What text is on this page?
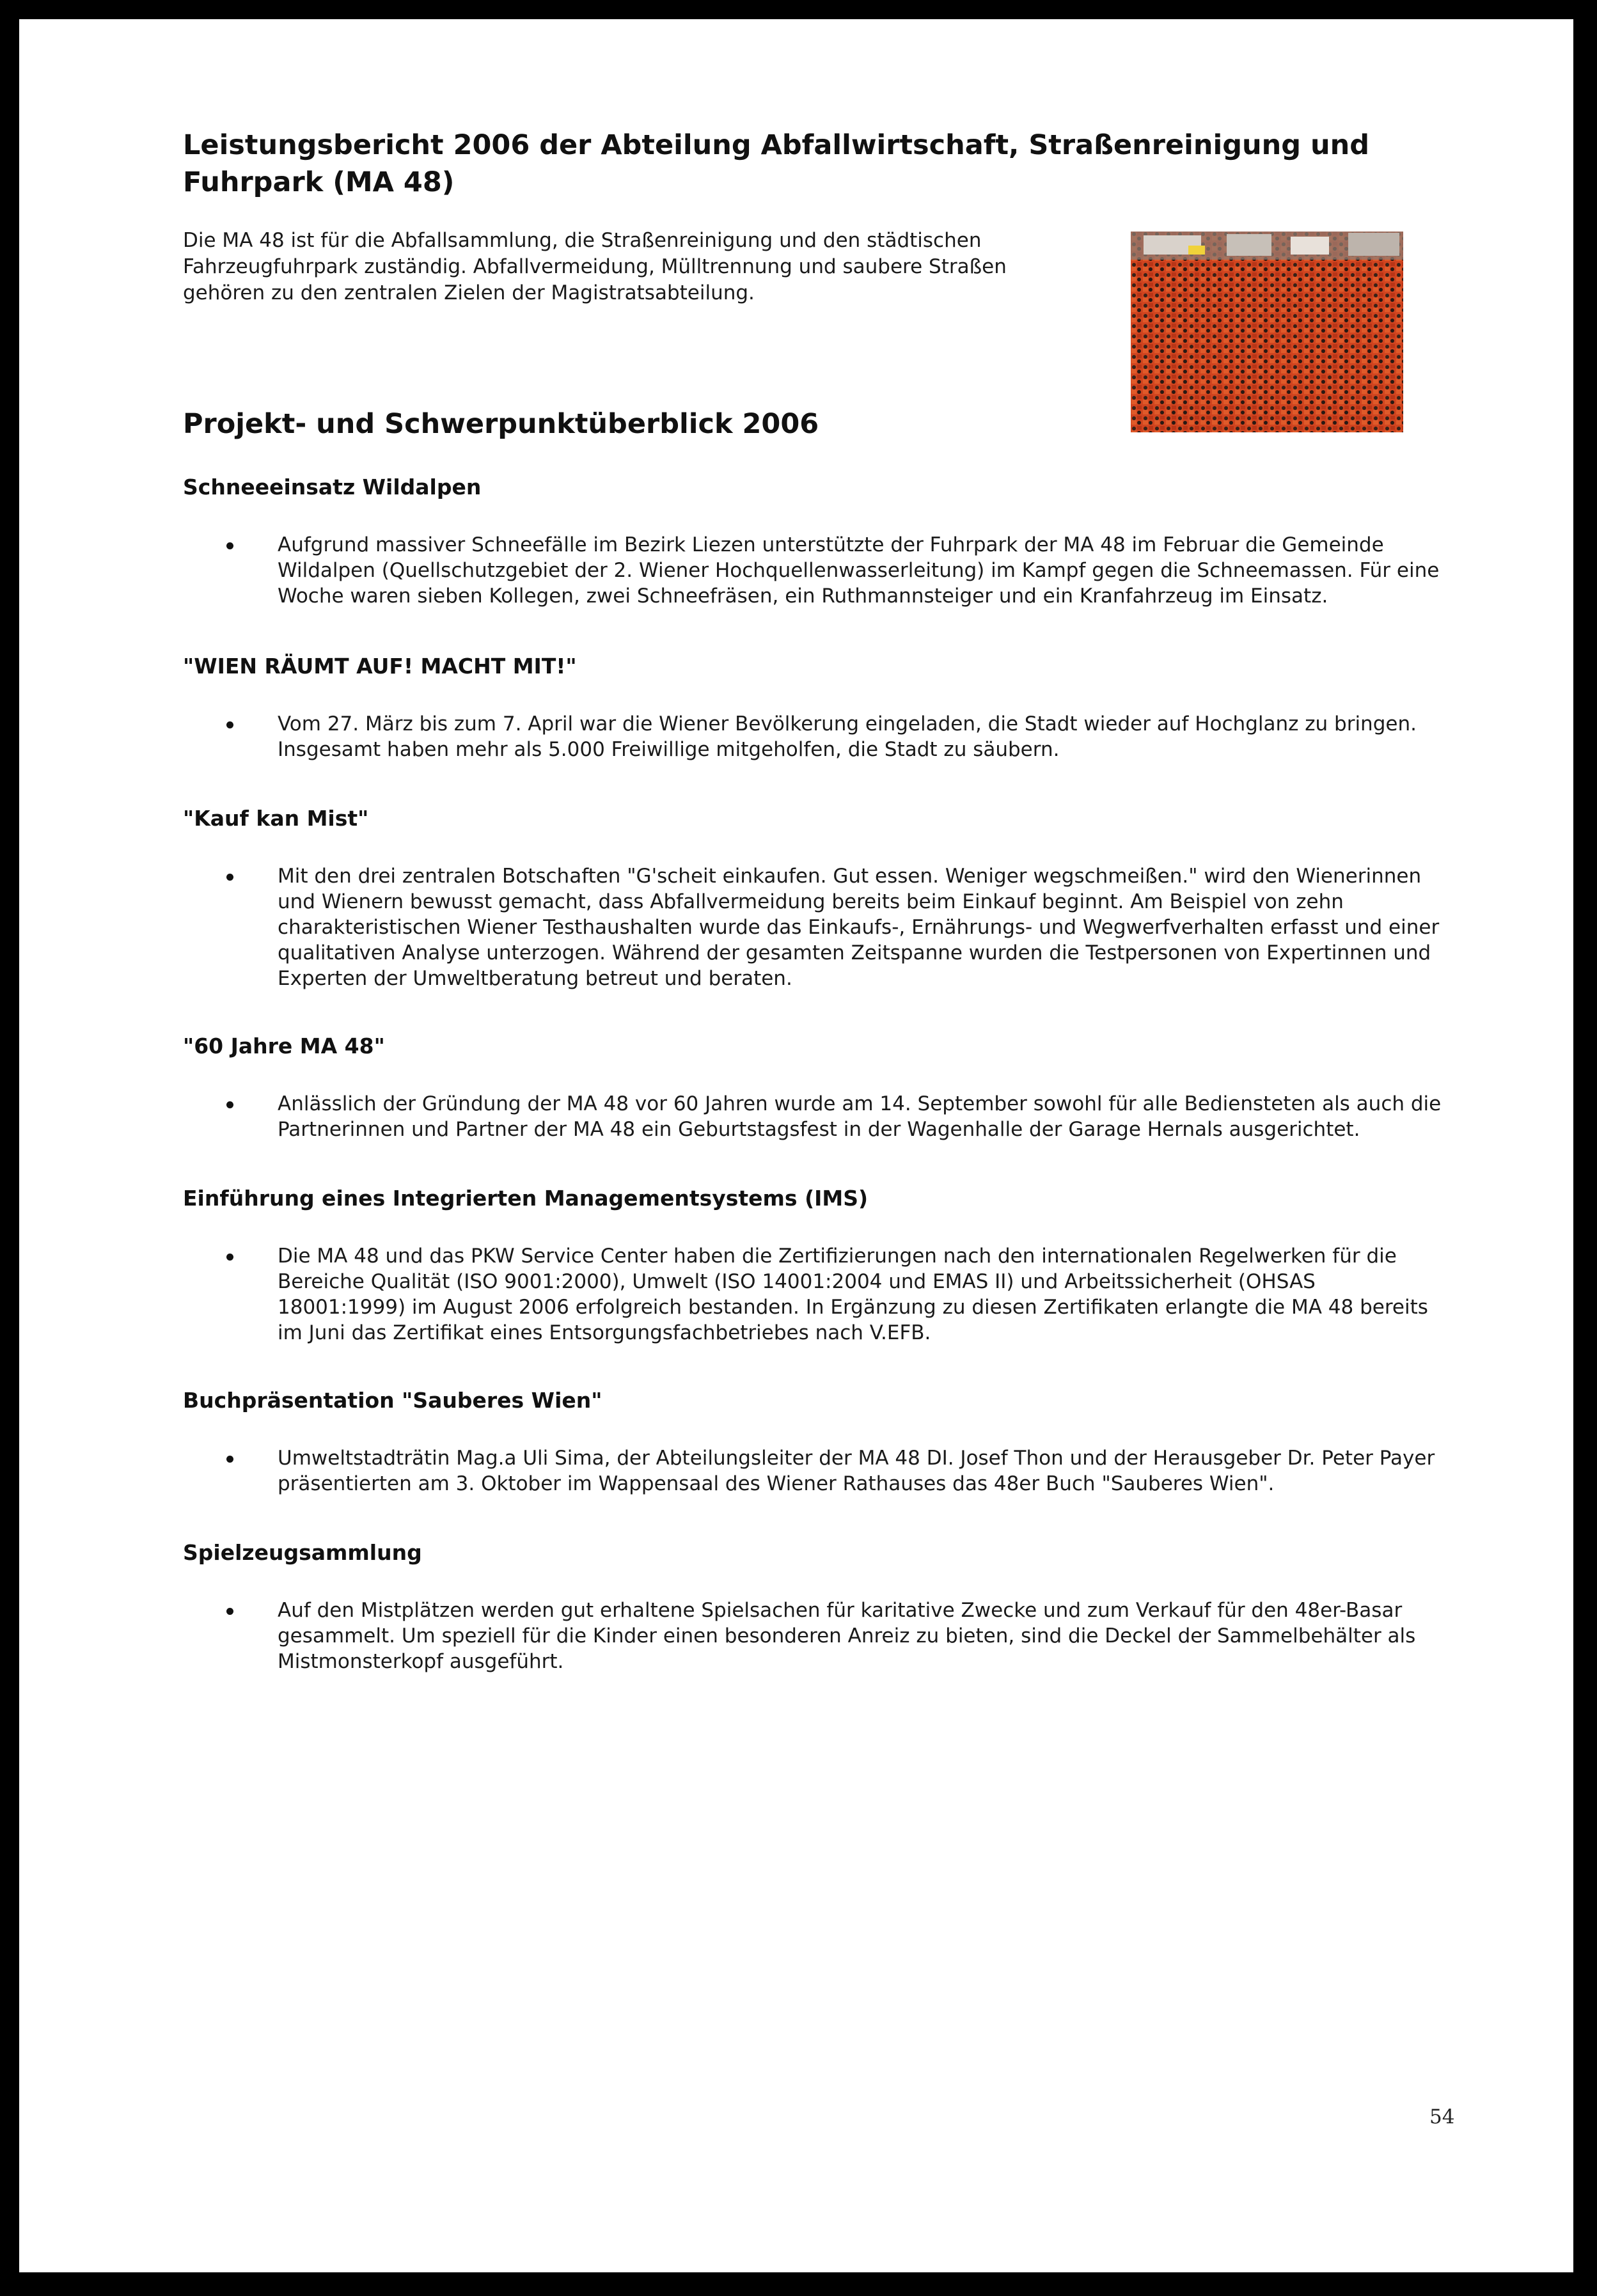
Leistungsbericht 2006 der Abteilung Abfallwirtschaft, Straßenreinigung und Fuhrpark (MA 48)

Die MA 48 ist für die Abfallsammlung, die Straßenreinigung und den städtischen Fahrzeugfuhrpark zuständig. Abfallvermeidung, Mülltrennung und saubere Straßen gehören zu den zentralen Zielen der Magistratsabteilung.

Projekt- und Schwerpunktüberblick 2006
Schneeeinsatz Wildalpen

Aufgrund massiver Schneefälle im Bezirk Liezen unterstützte der Fuhrpark der MA 48 im Februar die Gemeinde Wildalpen (Quellschutzgebiet der 2. Wiener Hochquellenwasserleitung) im Kampf gegen die Schneemassen. Für eine Woche waren sieben Kollegen, zwei Schneefräsen, ein Ruthmannsteiger und ein Kranfahrzeug im Einsatz.

"WIEN RÄUMT AUF! MACHT MIT!"

Vom 27. März bis zum 7. April war die Wiener Bevölkerung eingeladen, die Stadt wieder auf Hochglanz zu bringen. Insgesamt haben mehr als 5.000 Freiwillige mitgeholfen, die Stadt zu säubern.

"Kauf kan Mist"

Mit den drei zentralen Botschaften "G'scheit einkaufen. Gut essen. Weniger wegschmeißen." wird den Wienerinnen und Wienern bewusst gemacht, dass Abfallvermeidung bereits beim Einkauf beginnt. Am Beispiel von zehn charakteristischen Wiener Testhaushalten wurde das Einkaufs-, Ernährungs- und Wegwerfverhalten erfasst und einer qualitativen Analyse unterzogen. Während der gesamten Zeitspanne wurden die Testpersonen von Expertinnen und Experten der Umweltberatung betreut und beraten.

"60 Jahre MA 48"

Anlässlich der Gründung der MA 48 vor 60 Jahren wurde am 14. September sowohl für alle Bediensteten als auch die Partnerinnen und Partner der MA 48 ein Geburtstagsfest in der Wagenhalle der Garage Hernals ausgerichtet.

Einführung eines Integrierten Managementsystems (IMS)

Die MA 48 und das PKW Service Center haben die Zertifizierungen nach den internationalen Regelwerken für die Bereiche Qualität (ISO 9001:2000), Umwelt (ISO 14001:2004 und EMAS II) und Arbeitssicherheit (OHSAS 18001:1999) im August 2006 erfolgreich bestanden. In Ergänzung zu diesen Zertifikaten erlangte die MA 48 bereits im Juni das Zertifikat eines Entsorgungsfachbetriebes nach V.EFB.

Buchpräsentation "Sauberes Wien"

Umweltstadträtin Mag.a Uli Sima, der Abteilungsleiter der MA 48 DI. Josef Thon und der Herausgeber Dr. Peter Payer präsentierten am 3. Oktober im Wappensaal des Wiener Rathauses das 48er Buch "Sauberes Wien".

Spielzeugsammlung

Auf den Mistplätzen werden gut erhaltene Spielsachen für karitative Zwecke und zum Verkauf für den 48er-Basar gesammelt. Um speziell für die Kinder einen besonderen Anreiz zu bieten, sind die Deckel der Sammelbehälter als Mistmonsterkopf ausgeführt.

54
